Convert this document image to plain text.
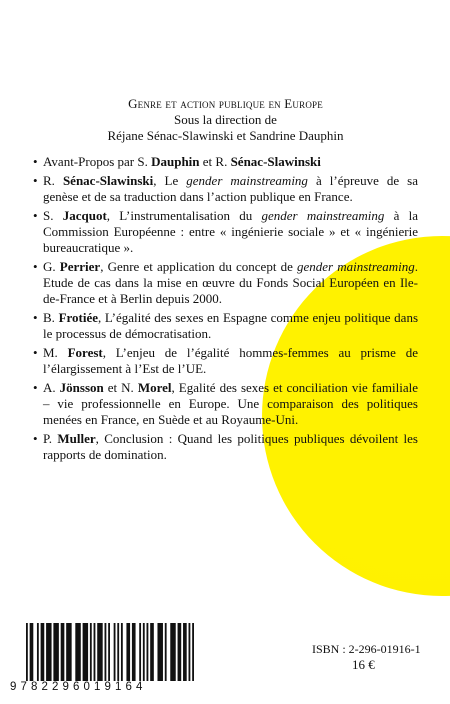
Genre et action publique en Europe
Sous la direction de
Réjane Sénac-Slawinski et Sandrine Dauphin
• Avant-Propos par S. Dauphin et R. Sénac-Slawinski
• R. Sénac-Slawinski, Le gender mainstreaming à l’épreuve de sa genèse et de sa traduction dans l’action publique en France.
• S. Jacquot, L’instrumentalisation du gender mainstreaming à la Commission Européenne : entre « ingénierie sociale » et « ingénierie bureaucratique ».
• G. Perrier, Genre et application du concept de gender mainstreaming. Etude de cas dans la mise en œuvre du Fonds Social Européen en Ile-de-France et à Berlin depuis 2000.
• B. Frotiée, L’égalité des sexes en Espagne comme enjeu politique dans le processus de démocratisation.
• M. Forest, L’enjeu de l’égalité hommes-femmes au prisme de l’élargissement à l’Est de l’UE.
• A. Jönsson et N. Morel, Egalité des sexes et conciliation vie familiale – vie professionnelle en Europe. Une comparaison des politiques menées en France, en Suède et au Royaume-Uni.
• P. Muller, Conclusion : Quand les politiques publiques dévoilent les rapports de domination.
9782296019164
ISBN : 2-296-01916-1
16 €
